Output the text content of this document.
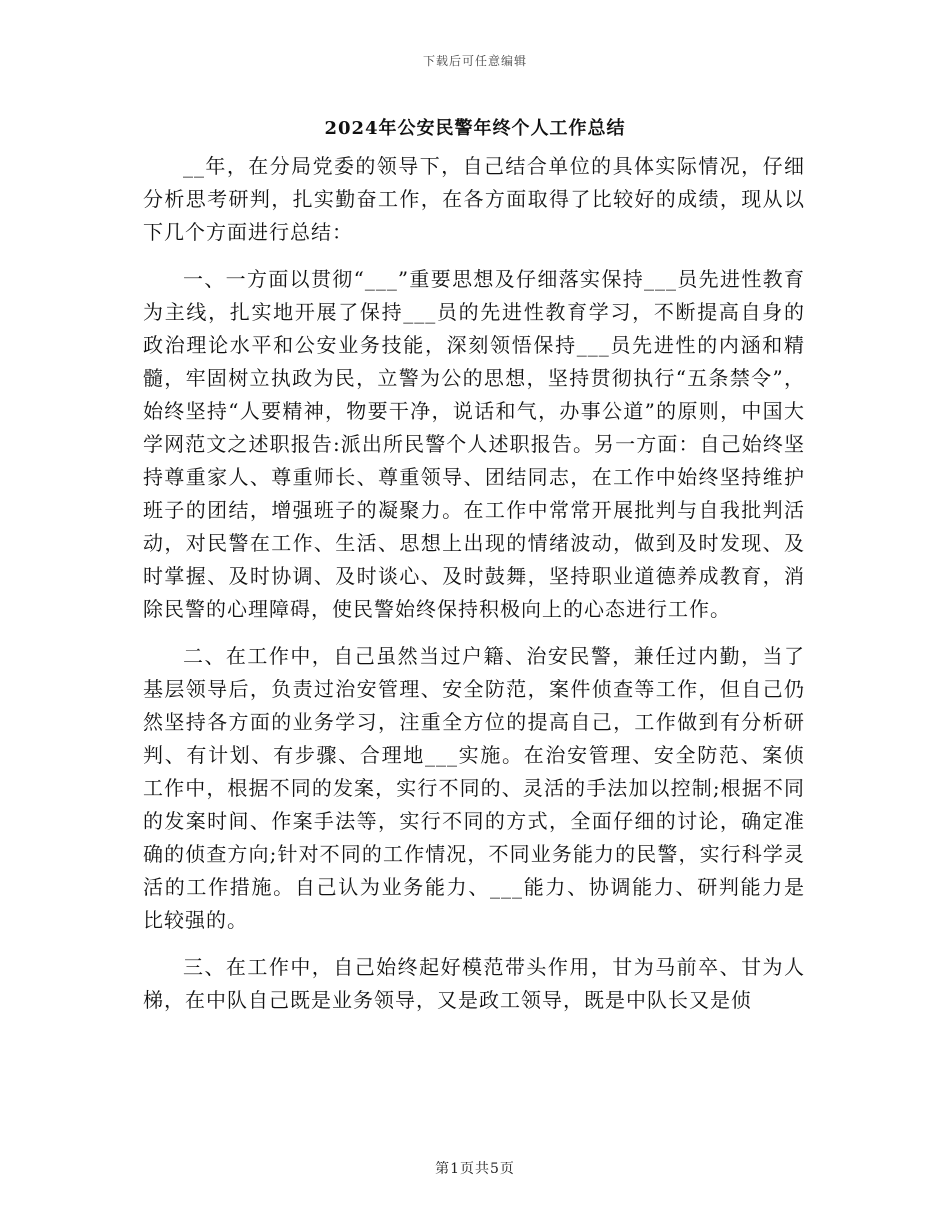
下载后可任意编辑
2024年公安民警年终个人工作总结

__年，在分局党委的领导下，自己结合单位的具体实际情况，仔细分析思考研判，扎实勤奋工作，在各方面取得了比较好的成绩，现从以下几个方面进行总结：

一、一方面以贯彻“___”重要思想及仔细落实保持___员先进性教育为主线，扎实地开展了保持___员的先进性教育学习，不断提高自身的政治理论水平和公安业务技能，深刻领悟保持___员先进性的内涵和精髓，牢固树立执政为民，立警为公的思想，坚持贯彻执行“五条禁令”，始终坚持“人要精神，物要干净，说话和气，办事公道”的原则，中国大学网范文之述职报告:派出所民警个人述职报告。另一方面：自己始终坚持尊重家人、尊重师长、尊重领导、团结同志，在工作中始终坚持维护班子的团结，增强班子的凝聚力。在工作中常常开展批判与自我批判活动，对民警在工作、生活、思想上出现的情绪波动，做到及时发现、及时掌握、及时协调、及时谈心、及时鼓舞，坚持职业道德养成教育，消除民警的心理障碍，使民警始终保持积极向上的心态进行工作。

二、在工作中，自己虽然当过户籍、治安民警，兼任过内勤，当了基层领导后，负责过治安管理、安全防范，案件侦查等工作，但自己仍然坚持各方面的业务学习，注重全方位的提高自己，工作做到有分析研判、有计划、有步骤、合理地___实施。在治安管理、安全防范、案侦工作中，根据不同的发案，实行不同的、灵活的手法加以控制;根据不同的发案时间、作案手法等，实行不同的方式，全面仔细的讨论，确定准确的侦查方向;针对不同的工作情况，不同业务能力的民警，实行科学灵活的工作措施。自己认为业务能力、___能力、协调能力、研判能力是比较强的。

三、在工作中，自己始终起好模范带头作用，甘为马前卒、甘为人梯，在中队自己既是业务领导，又是政工领导，既是中队长又是侦

第1页共5页
